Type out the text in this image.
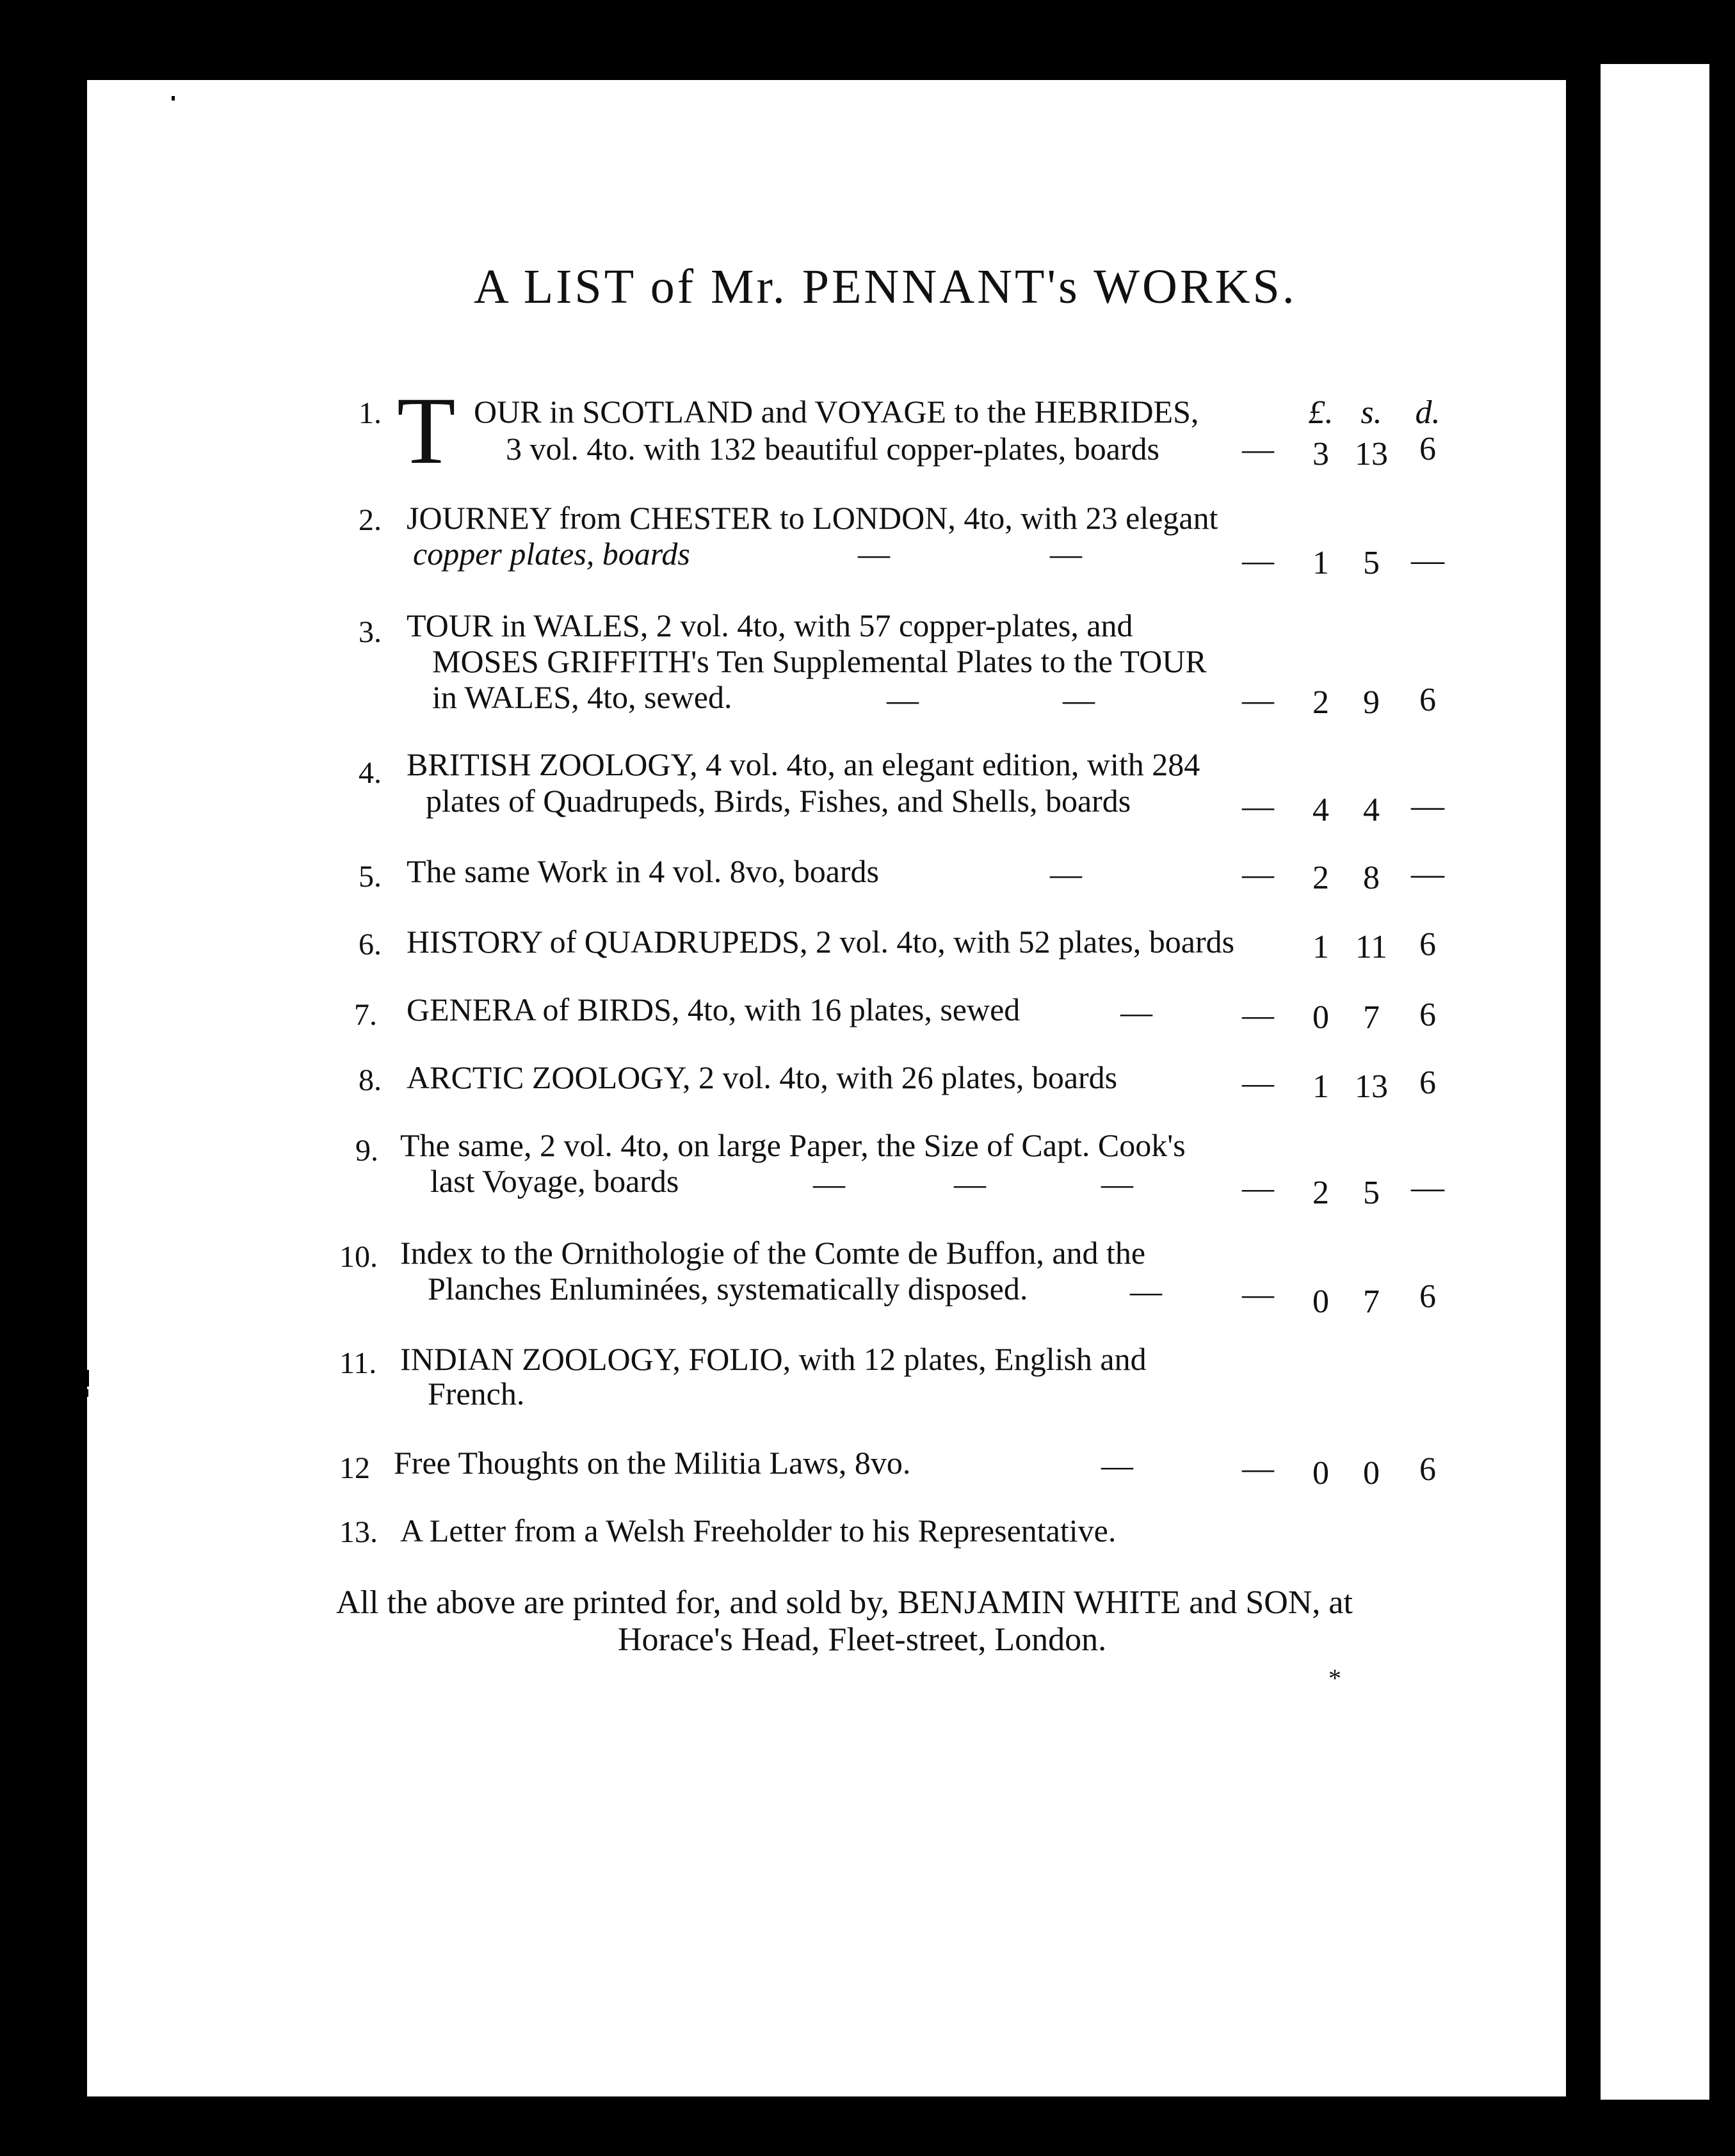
A LIST of Mr. PENNANT's WORKS.
£. s. d.
1. T OUR in SCOTLAND and VOYAGE to the HEBRIDES,
3 vol. 4to. with 132 beautiful copper-plates, boards	—	3 13 6
2. JOURNEY from CHESTER to LONDON, 4to, with 23 elegant
copper plates, boards	—	—	—	1	5 —
3. TOUR in WALES, 2 vol. 4to, with 57 copper-plates, and
MOSES GRIFFITH's Ten Supplemental Plates to the TOUR
in WALES, 4to, sewed.	—	—	—	2	9	6
4. BRITISH ZOOLOGY, 4 vol. 4to, an elegant edition, with 284
plates of Quadrupeds, Birds, Fishes, and Shells, boards	—	4	4 —
5. The same Work in 4 vol. 8vo, boards	—	—	2	8 —
6. HISTORY of QUADRUPEDS, 2 vol. 4to, with 52 plates, boards	1 11 6
7. GENERA of BIRDS, 4to, with 16 plates, sewed	—	—	0	7	6
8. ARCTIC ZOOLOGY, 2 vol. 4to, with 26 plates, boards	—	1 13 6
9. The same, 2 vol. 4to, on large Paper, the Size of Capt. Cook's
last Voyage, boards	—	—	—	—	2	5 —
10. Index to the Ornithologie of the Comte de Buffon, and the
Planches Enluminées, systematically disposed.	—	—	0	7	6
11. INDIAN ZOOLOGY, FOLIO, with 12 plates, English and
French.
12 Free Thoughts on the Militia Laws, 8vo.	—	—	0	0	6
13. A Letter from a Welsh Freeholder to his Representative.
All the above are printed for, and sold by, BENJAMIN WHITE and SON, at
Horace's Head, Fleet-street, London.
*
